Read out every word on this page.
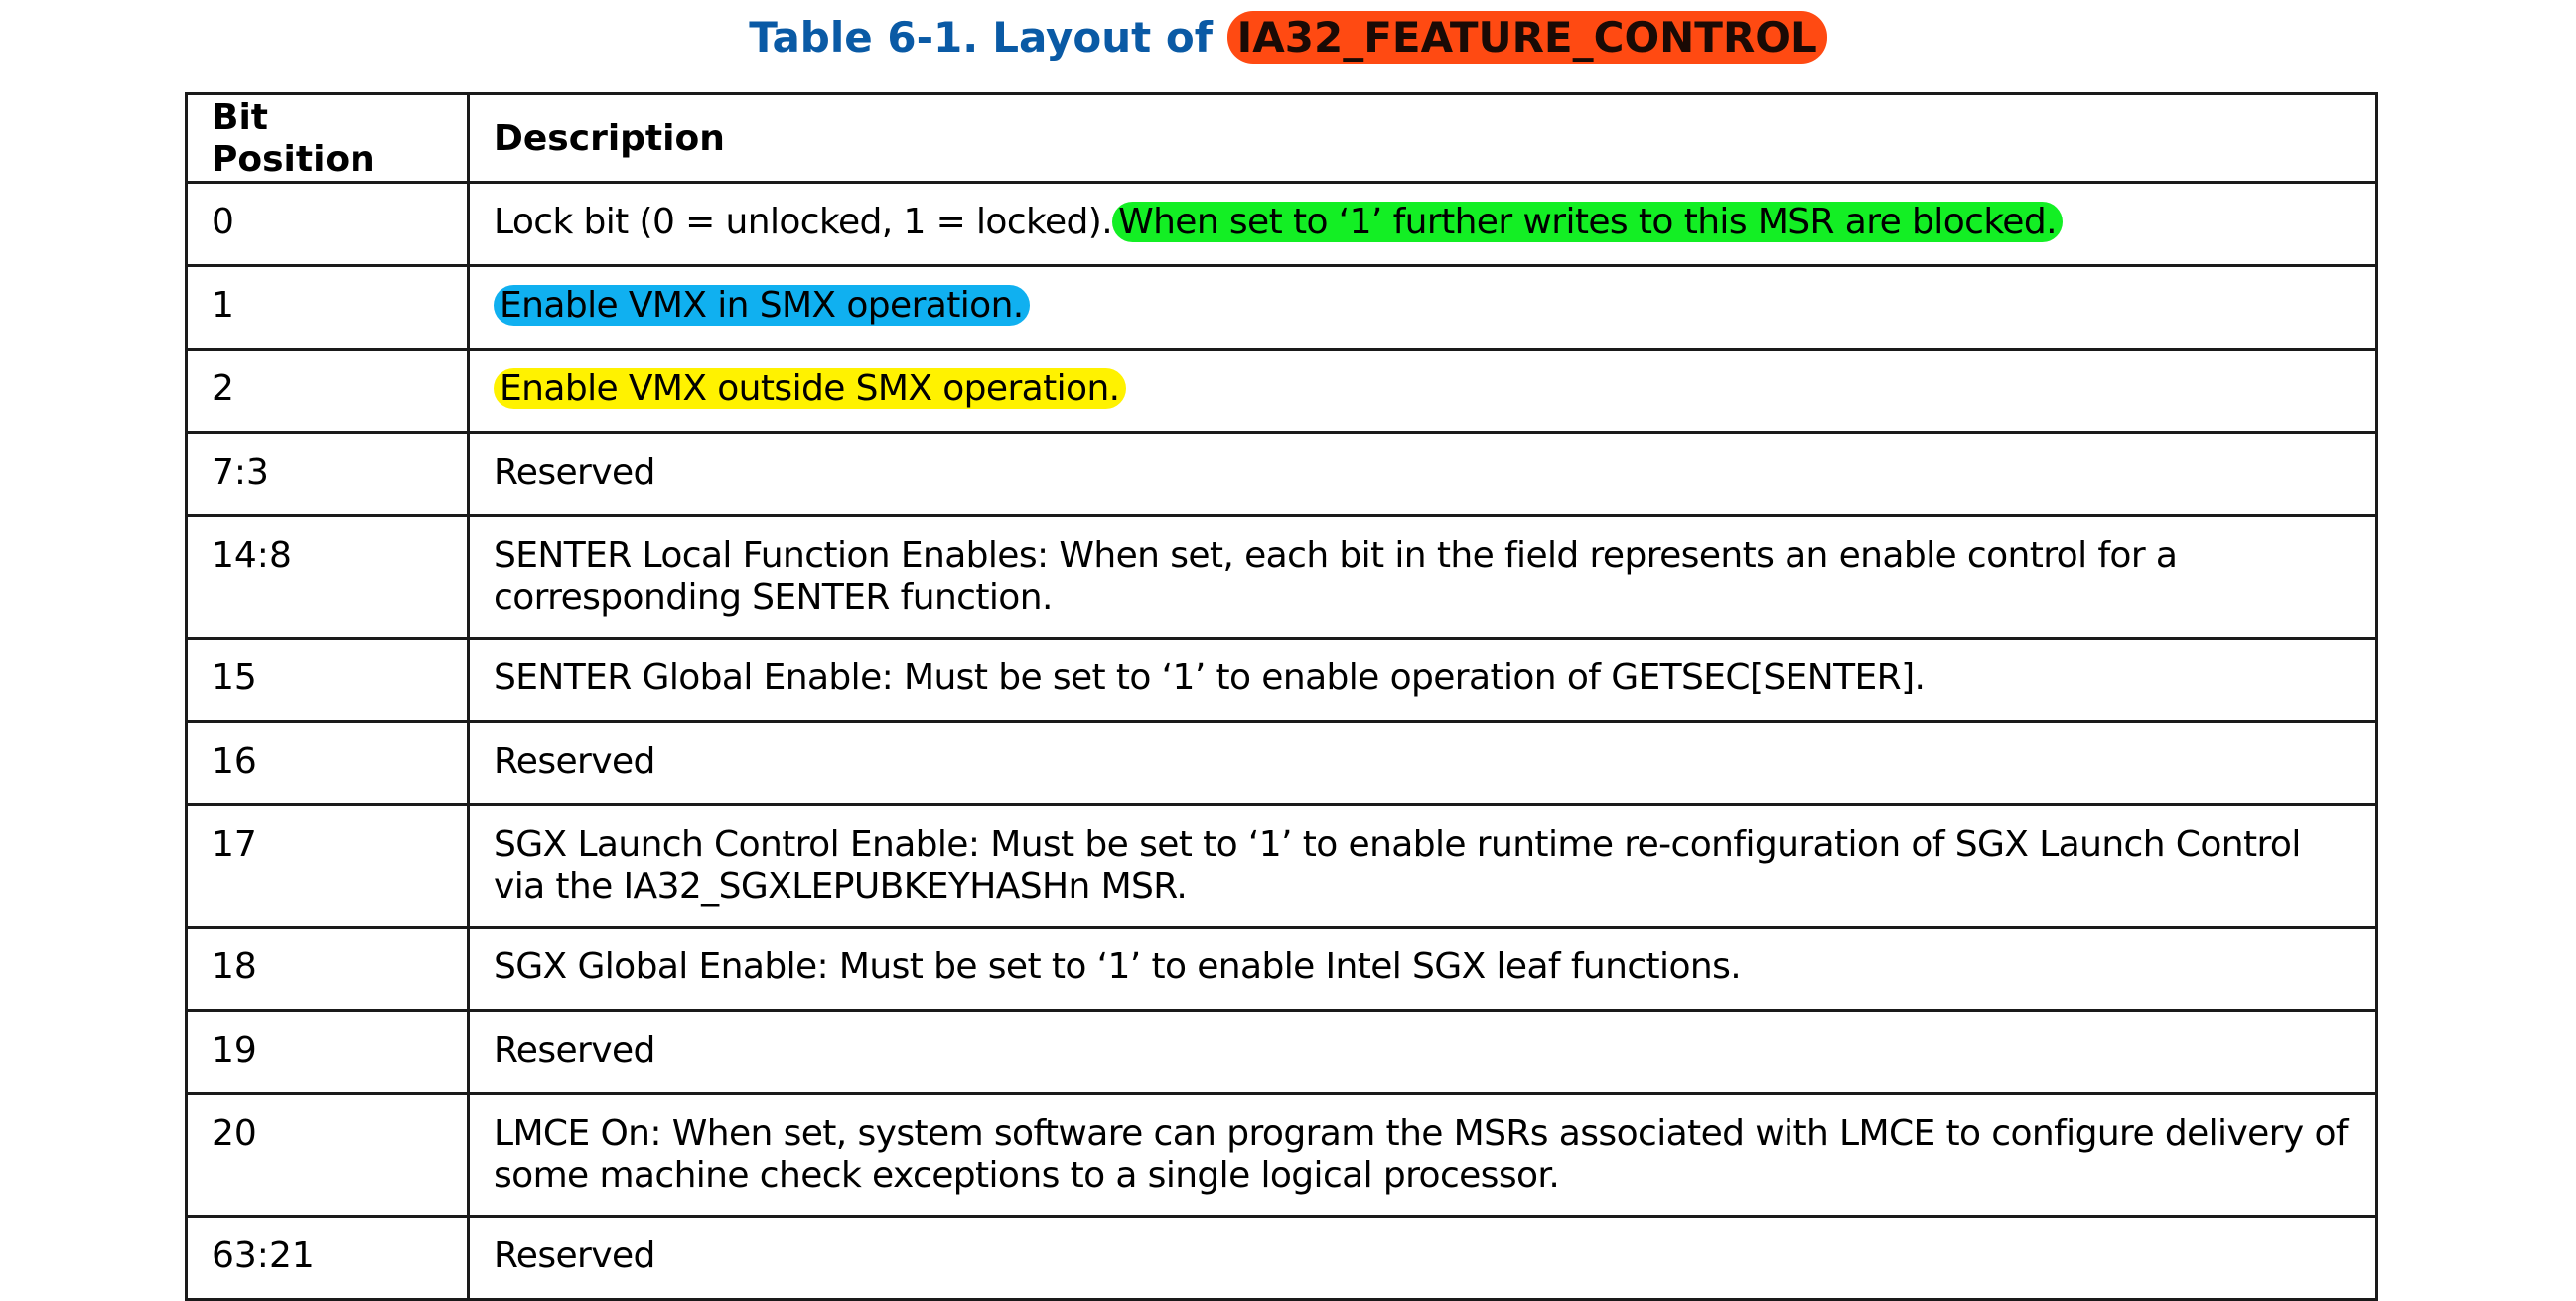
Table 6-1. Layout of IA32_FEATURE_CONTROL
Bit Position	Description
0	Lock bit (0 = unlocked, 1 = locked). When set to ‘1’ further writes to this MSR are blocked.
1	Enable VMX in SMX operation.
2	Enable VMX outside SMX operation.
7:3	Reserved
14:8	SENTER Local Function Enables: When set, each bit in the field represents an enable control for a corresponding SENTER function.
15	SENTER Global Enable: Must be set to ‘1’ to enable operation of GETSEC[SENTER].
16	Reserved
17	SGX Launch Control Enable: Must be set to ‘1’ to enable runtime re-configuration of SGX Launch Control via the IA32_SGXLEPUBKEYHASHn MSR.
18	SGX Global Enable: Must be set to ‘1’ to enable Intel SGX leaf functions.
19	Reserved
20	LMCE On: When set, system software can program the MSRs associated with LMCE to configure delivery of some machine check exceptions to a single logical processor.
63:21	Reserved
